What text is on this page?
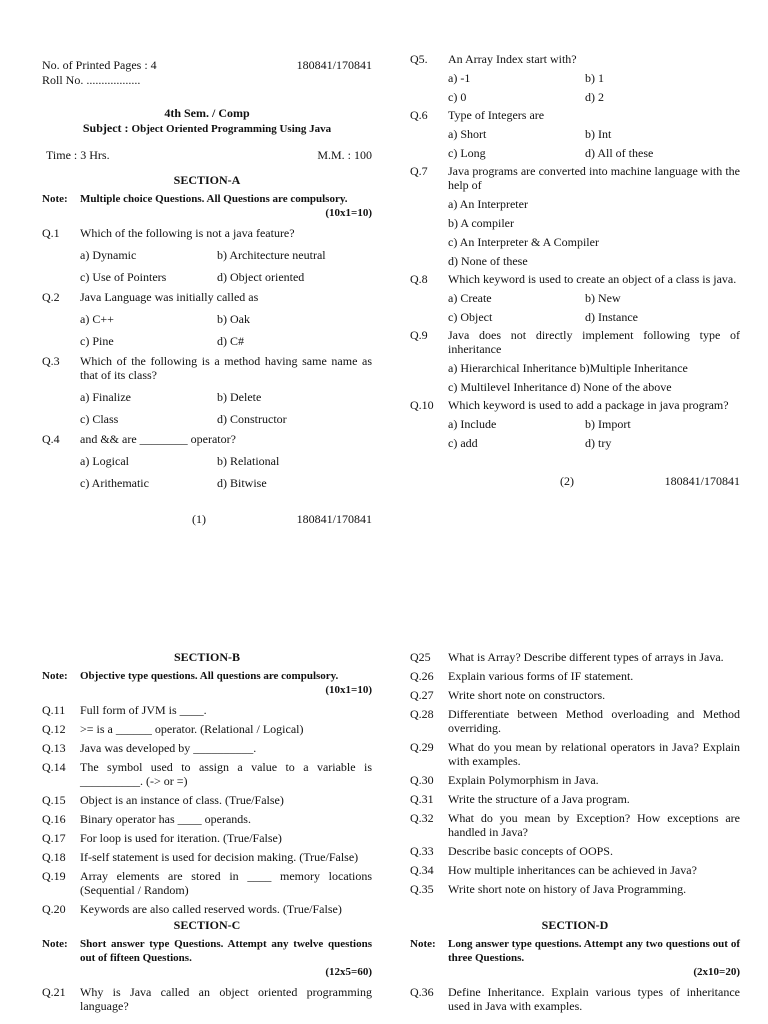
No. of Printed Pages : 4	180841/170841
Roll No. ..................
4th Sem. / Comp
Subject : Object Oriented Programming Using Java
Time : 3 Hrs.	M.M. : 100
SECTION-A
Note:	Multiple choice Questions. All Questions are compulsory.
(10x1=10)
Q.1	Which of the following is not a java feature?
a) Dynamic	b) Architecture neutral
c) Use of Pointers	d) Object oriented
Q.2	Java Language was initially called as
a) C++	b) Oak
c) Pine	d) C#
Q.3	Which of the following is a method having same name as that of its class?
a) Finalize	b) Delete
c) Class	d) Constructor
Q.4	and && are ________ operator?
a) Logical	b) Relational
c) Arithematic	d) Bitwise
(1)	180841/170841
Q5.	An Array Index start with?
a) -1	b) 1
c) 0	d) 2
Q.6	Type of Integers are
a) Short	b) Int
c) Long	d) All of these
Q.7	Java programs are converted into machine language with the help of
a) An Interpreter
b) A compiler
c) An Interpreter & A Compiler
d) None of these
Q.8	Which keyword is used to create an object of a class is java.
a) Create	b) New
c) Object	d) Instance
Q.9	Java does not directly implement following type of inheritance
a) Hierarchical Inheritance b)Multiple Inheritance
c) Multilevel Inheritance d) None of the above
Q.10	Which keyword is used to add a package in java program?
a) Include	b) Import
c) add	d) try
(2)	180841/170841
SECTION-B
Note:	Objective type questions. All questions are compulsory.
(10x1=10)
Q.11	Full form of JVM is ____.
Q.12	>= is a ______ operator. (Relational / Logical)
Q.13	Java was developed by __________.
Q.14	The symbol used to assign a value to a variable is __________. (-> or =)
Q.15	Object is an instance of class. (True/False)
Q.16	Binary operator has ____ operands.
Q.17	For loop is used for iteration. (True/False)
Q.18	If-self statement is used for decision making. (True/False)
Q.19	Array elements are stored in ____ memory locations (Sequential / Random)
Q.20	Keywords are also called reserved words. (True/False)
SECTION-C
Note:	Short answer type Questions. Attempt any twelve questions out of fifteen Questions.
(12x5=60)
Q.21	Why is Java called an object oriented programming language?
Q25	What is Array? Describe different types of arrays in Java.
Q.26	Explain various forms of IF statement.
Q.27	Write short note on constructors.
Q.28	Differentiate between Method overloading and Method overriding.
Q.29	What do you mean by relational operators in Java? Explain with examples.
Q.30	Explain Polymorphism in Java.
Q.31	Write the structure of a Java program.
Q.32	What do you mean by Exception? How exceptions are handled in Java?
Q.33	Describe basic concepts of OOPS.
Q.34	How multiple inheritances can be achieved in Java?
Q.35	Write short note on history of Java Programming.
SECTION-D
Note:	Long answer type questions. Attempt any two questions out of three Questions.
(2x10=20)
Q.36	Define Inheritance. Explain various types of inheritance used in Java with examples.
